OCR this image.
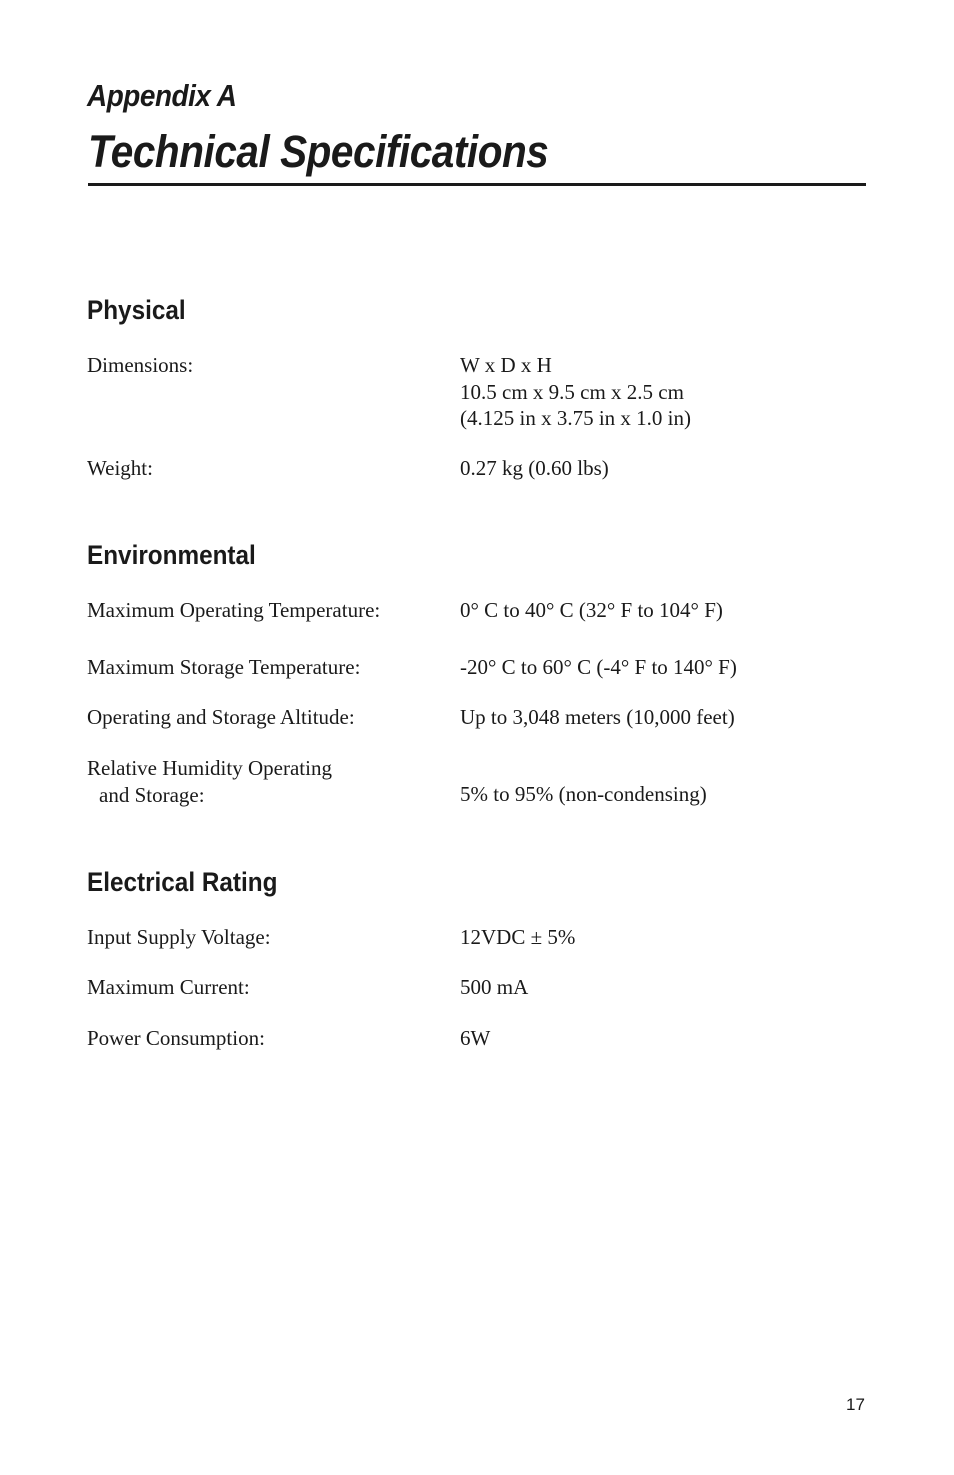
Appendix A
Technical Specifications
Physical
Dimensions:	W x D x H
10.5 cm x 9.5 cm x 2.5 cm
(4.125 in x 3.75 in x 1.0 in)
Weight:	0.27 kg (0.60 lbs)
Environmental
Maximum Operating Temperature:	0° C to 40° C (32° F to 104° F)
Maximum Storage Temperature:	-20° C to 60° C (-4° F to 140° F)
Operating and Storage Altitude:	Up to 3,048 meters (10,000 feet)
Relative Humidity Operating
and Storage:	5% to 95% (non-condensing)
Electrical Rating
Input Supply Voltage:	12VDC ± 5%
Maximum Current:	500 mA
Power Consumption:	6W
17
